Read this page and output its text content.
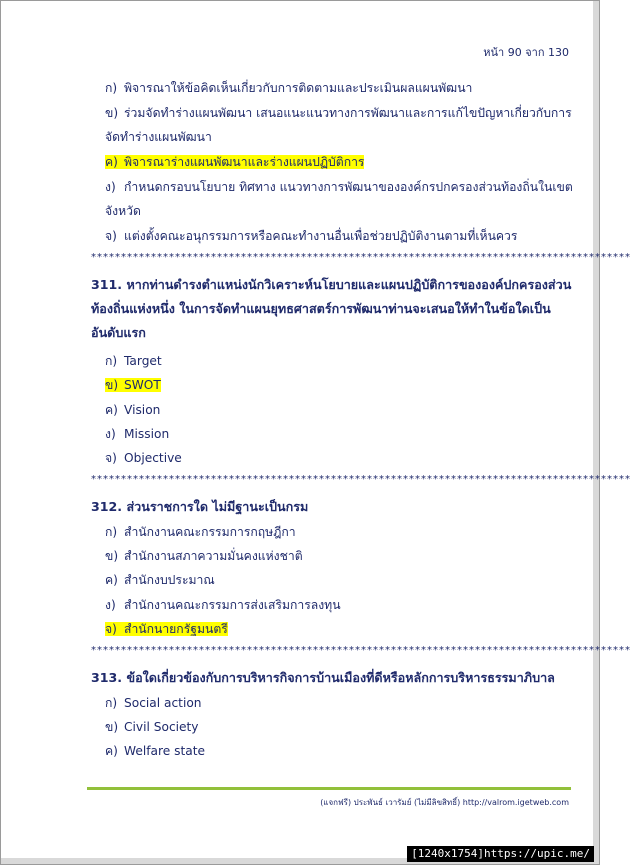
หน้า 90 จาก 130
ก) พิจารณาให้ข้อคิดเห็นเกี่ยวกับการติดตามและประเมินผลแผนพัฒนา
ข) ร่วมจัดทำร่างแผนพัฒนา เสนอแนะแนวทางการพัฒนาและการแก้ไขปัญหาเกี่ยวกับการจัดทำร่างแผนพัฒนา
ค) พิจารณาร่างแผนพัฒนาและร่างแผนปฏิบัติการ
ง) กำหนดกรอบนโยบาย ทิศทาง แนวทางการพัฒนาขององค์กรปกครองส่วนท้องถิ่นในเขตจังหวัด
จ) แต่งตั้งคณะอนุกรรมการหรือคณะทำงานอื่นเพื่อช่วยปฏิบัติงานตามที่เห็นควร
******************************************************************************************
311. หากท่านดำรงตำแหน่งนักวิเคราะห์นโยบายและแผนปฏิบัติการขององค์ปกครองส่วนท้องถิ่นแห่งหนึ่ง ในการจัดทำแผนยุทธศาสตร์การพัฒนาท่านจะเสนอให้ทำในข้อใดเป็นอันดับแรก
ก) Target
ข) SWOT
ค) Vision
ง) Mission
จ) Objective
******************************************************************************************
312. ส่วนราชการใด ไม่มีฐานะเป็นกรม
ก) สำนักงานคณะกรรมการกฤษฎีกา
ข) สำนักงานสภาความมั่นคงแห่งชาติ
ค) สำนักงบประมาณ
ง) สำนักงานคณะกรรมการส่งเสริมการลงทุน
จ) สำนักนายกรัฐมนตรี
******************************************************************************************
313. ข้อใดเกี่ยวข้องกับการบริหารกิจการบ้านเมืองที่ดีหรือหลักการบริหารธรรมาภิบาล
ก) Social action
ข) Civil Society
ค) Welfare state
(แจกฟรี) ประพันธ์ เวารัมย์ (ไม่มีลิขสิทธิ์) http://valrom.igetweb.com
[1240x1754]https://upic.me/
